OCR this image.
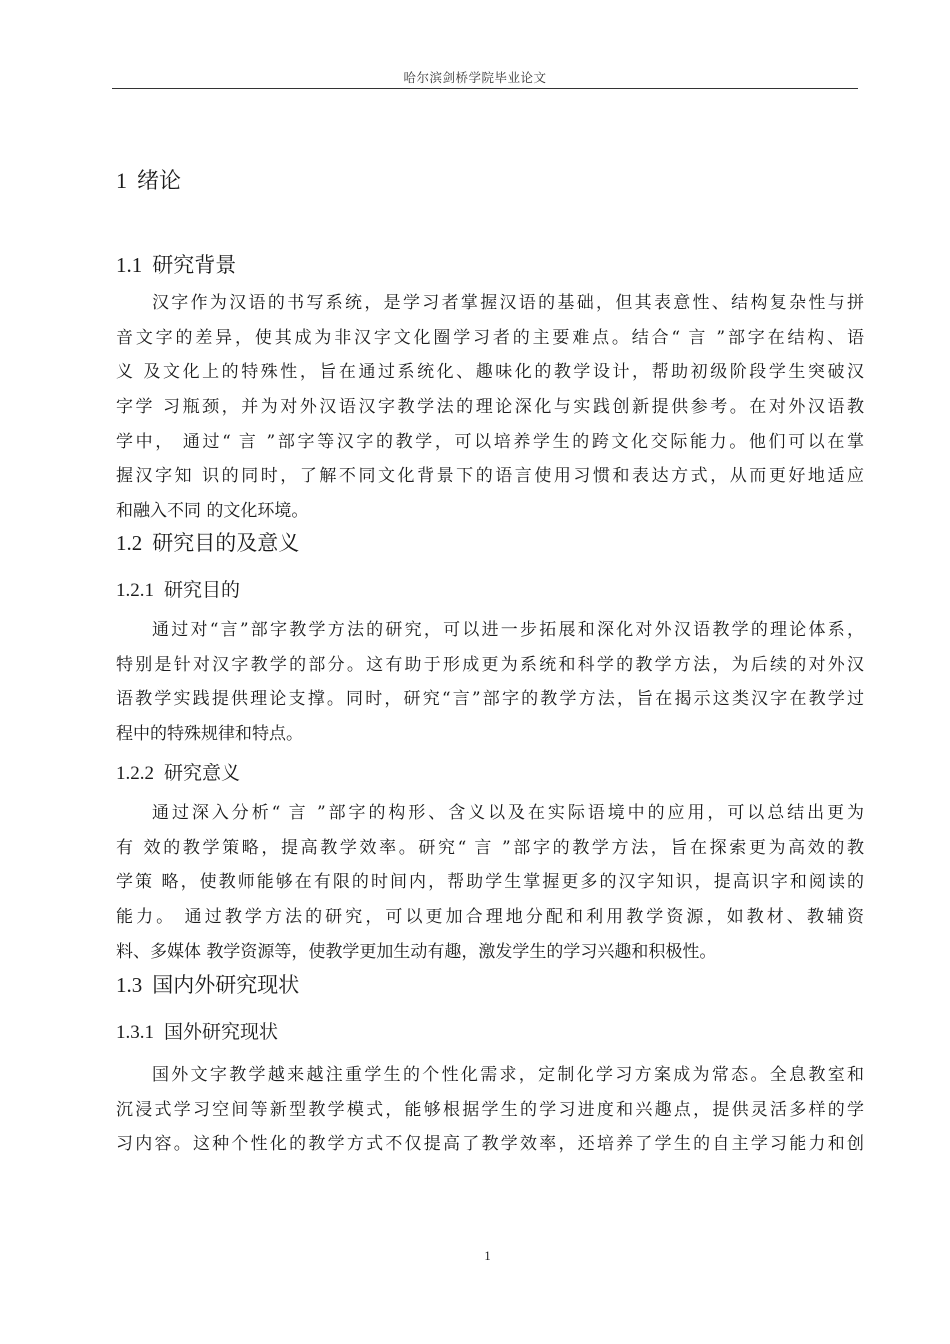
哈尔滨剑桥学院毕业论文
1 绪论
1.1 研究背景
汉字作为汉语的书写系统，是学习者掌握汉语的基础，但其表意性、结构复杂性与拼
音文字的差异，使其成为非汉字文化圈学习者的主要难点。结合“ 言 ”部字在结构、语
义 及文化上的特殊性，旨在通过系统化、趣味化的教学设计，帮助初级阶段学生突破汉
字学 习瓶颈，并为对外汉语汉字教学法的理论深化与实践创新提供参考。在对外汉语教
学中， 通过“ 言 ”部字等汉字的教学，可以培养学生的跨文化交际能力。他们可以在掌
握汉字知 识的同时，了解不同文化背景下的语言使用习惯和表达方式，从而更好地适应
和融入不同 的文化环境。
1.2 研究目的及意义
1.2.1 研究目的
通过对“言”部字教学方法的研究，可以进一步拓展和深化对外汉语教学的理论体系，
特别是针对汉字教学的部分。这有助于形成更为系统和科学的教学方法，为后续的对外汉
语教学实践提供理论支撑。同时，研究“言”部字的教学方法，旨在揭示这类汉字在教学过
程中的特殊规律和特点。
1.2.2 研究意义
通过深入分析“ 言 ”部字的构形、含义以及在实际语境中的应用，可以总结出更为
有 效的教学策略，提高教学效率。研究“ 言 ”部字的教学方法，旨在探索更为高效的教
学策 略，使教师能够在有限的时间内，帮助学生掌握更多的汉字知识，提高识字和阅读的
能力。 通过教学方法的研究，可以更加合理地分配和利用教学资源，如教材、教辅资
料、多媒体 教学资源等，使教学更加生动有趣，激发学生的学习兴趣和积极性。
1.3 国内外研究现状
1.3.1 国外研究现状
国外文字教学越来越注重学生的个性化需求，定制化学习方案成为常态。全息教室和
沉浸式学习空间等新型教学模式，能够根据学生的学习进度和兴趣点，提供灵活多样的学
习内容。这种个性化的教学方式不仅提高了教学效率，还培养了学生的自主学习能力和创
1
